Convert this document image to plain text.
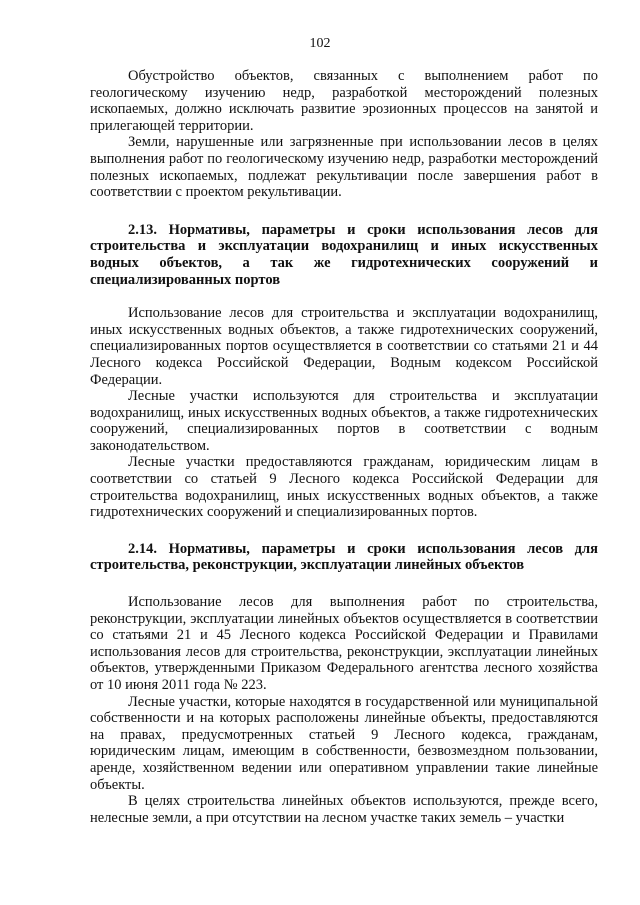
102

Обустройство объектов, связанных с выполнением работ по геологическому изучению недр, разработкой месторождений полезных ископаемых, должно исключать развитие эрозионных процессов на занятой и прилегающей территории.

Земли, нарушенные или загрязненные при использовании лесов в целях выполнения работ по геологическому изучению недр, разработки месторождений полезных ископаемых, подлежат рекультивации после завершения работ в соответствии с проектом рекультивации.

2.13. Нормативы, параметры и сроки использования лесов для строительства и эксплуатации водохранилищ и иных искусственных водных объектов, а так же гидротехнических сооружений и специализированных портов

Использование лесов для строительства и эксплуатации водохранилищ, иных искусственных водных объектов, а также гидротехнических сооружений, специализированных портов осуществляется в соответствии со статьями 21 и 44 Лесного кодекса Российской Федерации, Водным кодексом Российской Федерации.

Лесные участки используются для строительства и эксплуатации водохранилищ, иных искусственных водных объектов, а также гидротехнических сооружений, специализированных портов в соответствии с водным законодательством.

Лесные участки предоставляются гражданам, юридическим лицам в соответствии со статьей 9 Лесного кодекса Российской Федерации для строительства водохранилищ, иных искусственных водных объектов, а также гидротехнических сооружений и специализированных портов.

2.14. Нормативы, параметры и сроки использования лесов для строительства, реконструкции, эксплуатации линейных объектов

Использование лесов для выполнения работ по строительства, реконструкции, эксплуатации линейных объектов осуществляется в соответствии со статьями 21 и 45 Лесного кодекса Российской Федерации и Правилами использования лесов для строительства, реконструкции, эксплуатации линейных объектов, утвержденными Приказом Федерального агентства лесного хозяйства от 10 июня 2011 года № 223.

Лесные участки, которые находятся в государственной или муниципальной собственности и на которых расположены линейные объекты, предоставляются на правах, предусмотренных статьей 9 Лесного кодекса, гражданам, юридическим лицам, имеющим в собственности, безвозмездном пользовании, аренде, хозяйственном ведении или оперативном управлении такие линейные объекты.

В целях строительства линейных объектов используются, прежде всего, нелесные земли, а при отсутствии на лесном участке таких земель – участки
